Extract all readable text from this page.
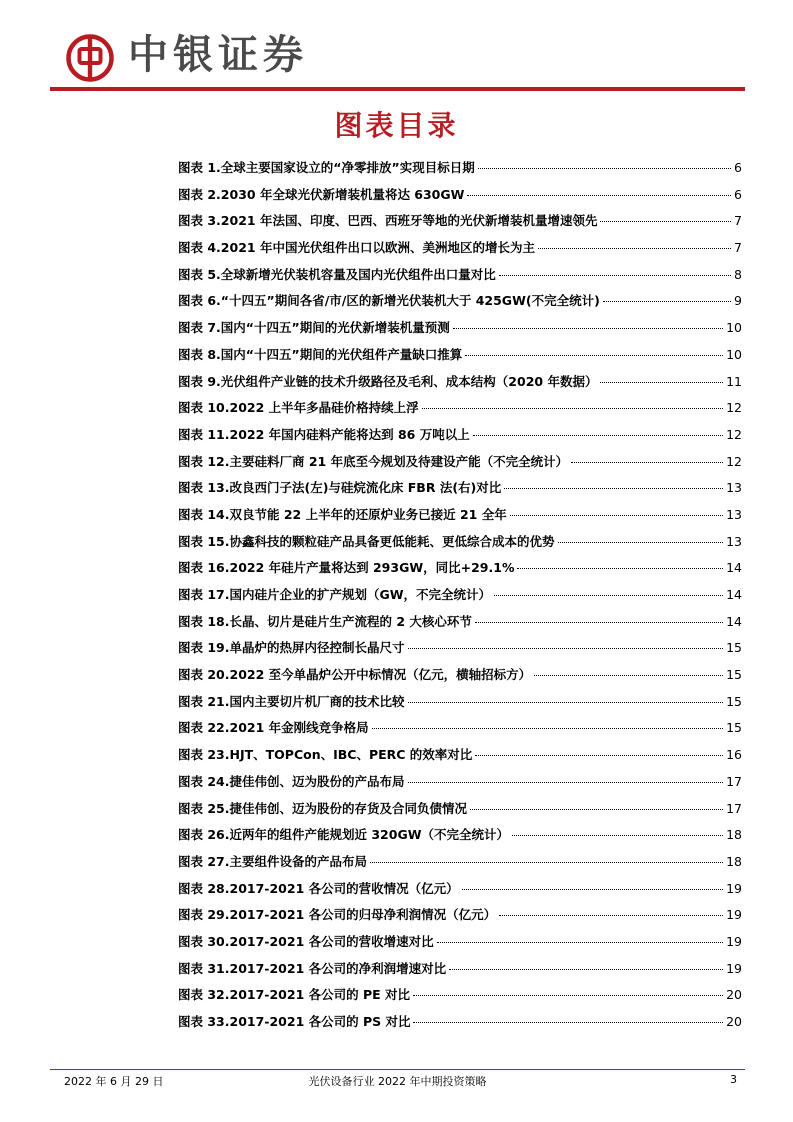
中银证券
图表目录
图表 1.全球主要国家设立的“净零排放”实现目标日期	6
图表 2.2030 年全球光伏新增装机量将达 630GW	6
图表 3.2021 年法国、印度、巴西、西班牙等地的光伏新增装机量增速领先	7
图表 4.2021 年中国光伏组件出口以欧洲、美洲地区的增长为主	7
图表 5.全球新增光伏装机容量及国内光伏组件出口量对比	8
图表 6.“十四五”期间各省/市/区的新增光伏装机大于 425GW(不完全统计)	9
图表 7.国内“十四五”期间的光伏新增装机量预测	10
图表 8.国内“十四五”期间的光伏组件产量缺口推算	10
图表 9.光伏组件产业链的技术升级路径及毛利、成本结构（2020 年数据）	11
图表 10.2022 上半年多晶硅价格持续上浮	12
图表 11.2022 年国内硅料产能将达到 86 万吨以上	12
图表 12.主要硅料厂商 21 年底至今规划及待建设产能（不完全统计）	12
图表 13.改良西门子法(左)与硅烷流化床 FBR 法(右)对比	13
图表 14.双良节能 22 上半年的还原炉业务已接近 21 全年	13
图表 15.协鑫科技的颗粒硅产品具备更低能耗、更低综合成本的优势	13
图表 16.2022 年硅片产量将达到 293GW，同比+29.1%	14
图表 17.国内硅片企业的扩产规划（GW，不完全统计）	14
图表 18.长晶、切片是硅片生产流程的 2 大核心环节	14
图表 19.单晶炉的热屏内径控制长晶尺寸	15
图表 20.2022 至今单晶炉公开中标情况（亿元，横轴招标方）	15
图表 21.国内主要切片机厂商的技术比较	15
图表 22.2021 年金刚线竞争格局	15
图表 23.HJT、TOPCon、IBC、PERC 的效率对比	16
图表 24.捷佳伟创、迈为股份的产品布局	17
图表 25.捷佳伟创、迈为股份的存货及合同负债情况	17
图表 26.近两年的组件产能规划近 320GW（不完全统计）	18
图表 27.主要组件设备的产品布局	18
图表 28.2017-2021 各公司的营收情况（亿元）	19
图表 29.2017-2021 各公司的归母净利润情况（亿元）	19
图表 30.2017-2021 各公司的营收增速对比	19
图表 31.2017-2021 各公司的净利润增速对比	19
图表 32.2017-2021 各公司的 PE 对比	20
图表 33.2017-2021 各公司的 PS 对比	20
2022 年 6 月 29 日	光伏设备行业 2022 年中期投资策略	3
